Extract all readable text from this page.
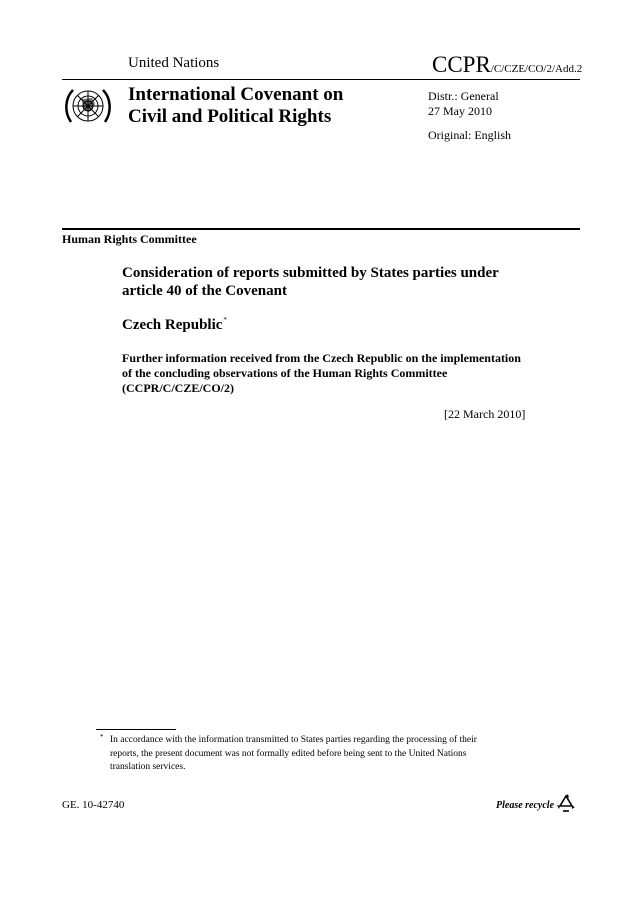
United Nations	CCPR/C/CZE/CO/2/Add.2
International Covenant on
Civil and Political Rights
Distr.: General
27 May 2010
Original: English
Human Rights Committee
Consideration of reports submitted by States parties under article 40 of the Covenant
Czech Republic*
Further information received from the Czech Republic on the implementation of the concluding observations of the Human Rights Committee (CCPR/C/CZE/CO/2)
[22 March 2010]
* In accordance with the information transmitted to States parties regarding the processing of their reports, the present document was not formally edited before being sent to the United Nations translation services.
GE. 10-42740	Please recycle
